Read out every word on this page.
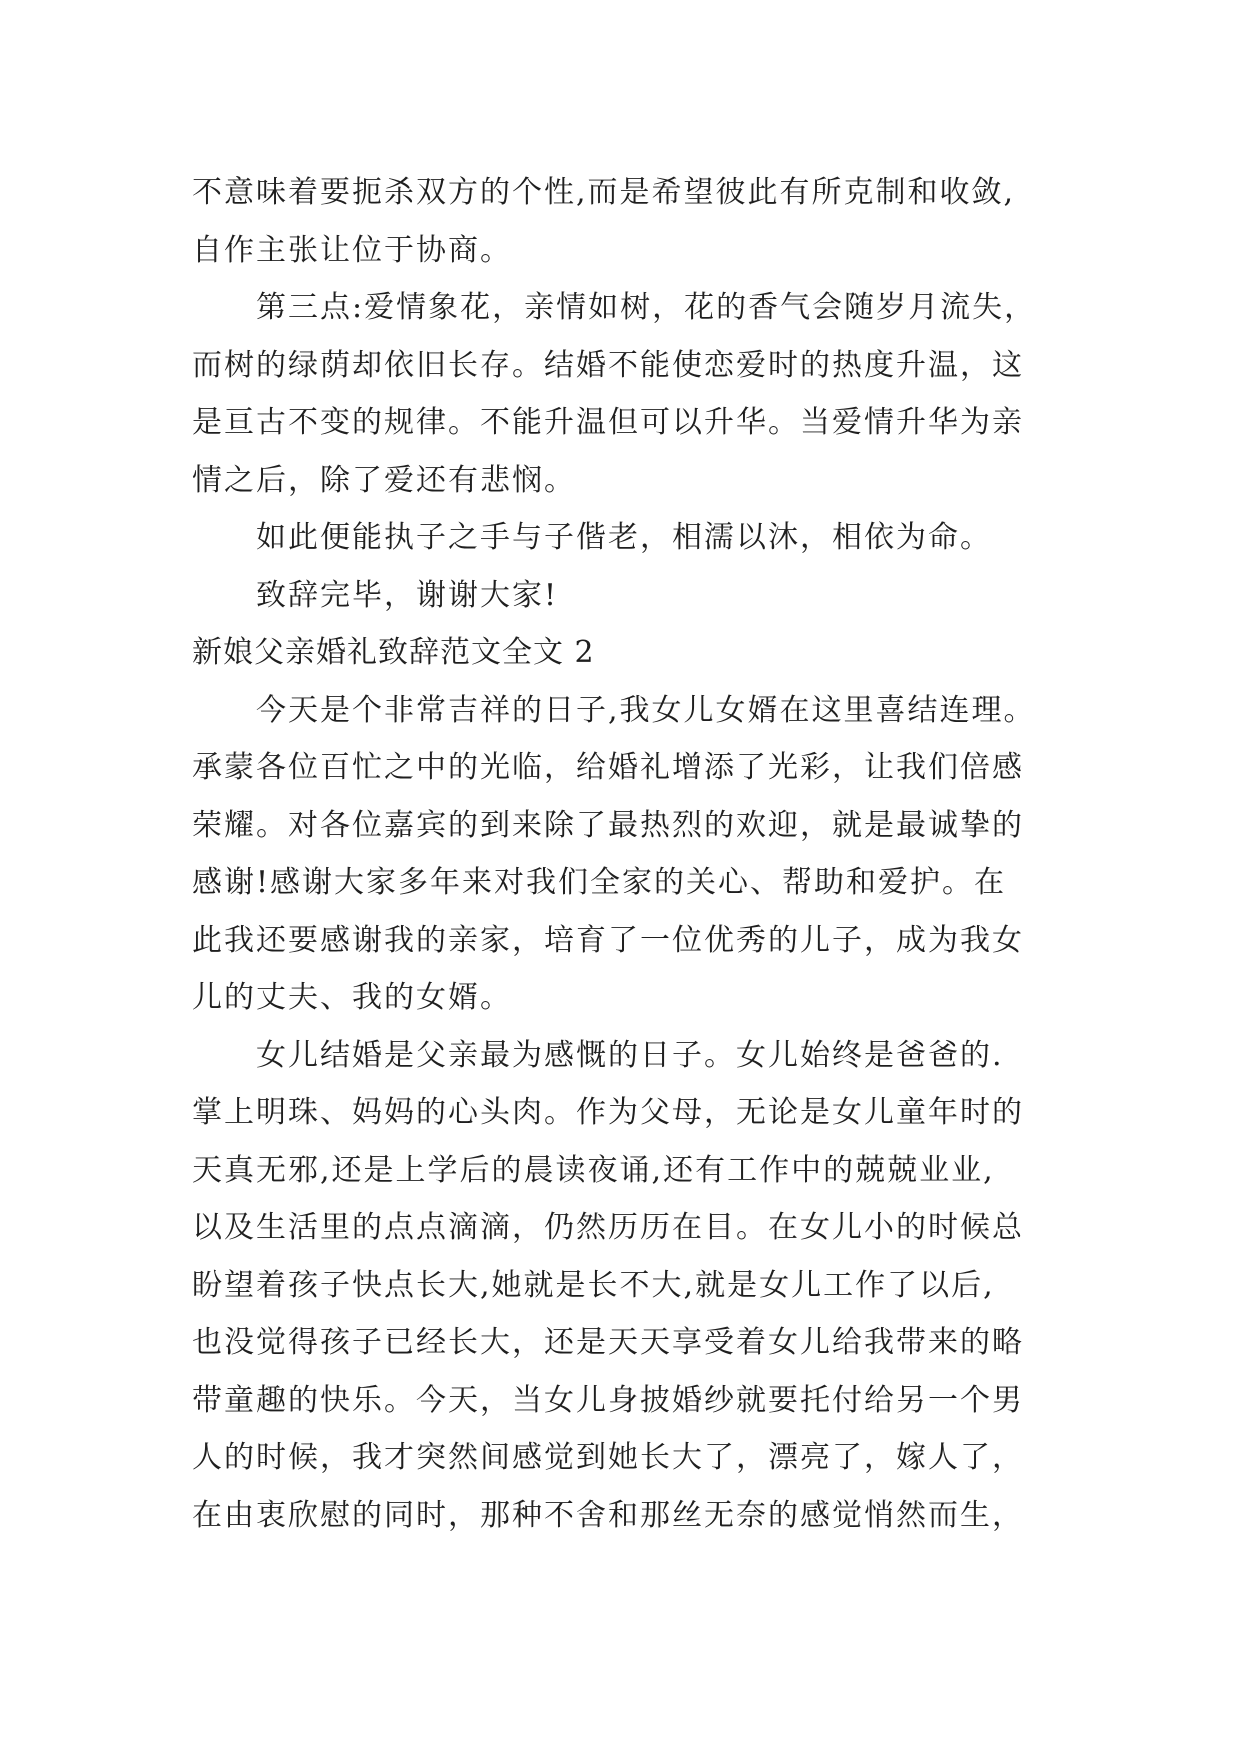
不意味着要扼杀双方的个性,而是希望彼此有所克制和收敛,
自作主张让位于协商。
第三点:爱情象花，亲情如树，花的香气会随岁月流失，
而树的绿荫却依旧长存。结婚不能使恋爱时的热度升温，这
是亘古不变的规律。不能升温但可以升华。当爱情升华为亲
情之后，除了爱还有悲悯。
如此便能执子之手与子偕老，相濡以沐，相依为命。
致辞完毕，谢谢大家!
新娘父亲婚礼致辞范文全文 2
今天是个非常吉祥的日子,我女儿女婿在这里喜结连理。
承蒙各位百忙之中的光临，给婚礼增添了光彩，让我们倍感
荣耀。对各位嘉宾的到来除了最热烈的欢迎，就是最诚挚的
感谢!感谢大家多年来对我们全家的关心、帮助和爱护。在
此我还要感谢我的亲家，培育了一位优秀的儿子，成为我女
儿的丈夫、我的女婿。
女儿结婚是父亲最为感慨的日子。女儿始终是爸爸的.
掌上明珠、妈妈的心头肉。作为父母，无论是女儿童年时的
天真无邪,还是上学后的晨读夜诵,还有工作中的兢兢业业,
以及生活里的点点滴滴，仍然历历在目。在女儿小的时候总
盼望着孩子快点长大,她就是长不大,就是女儿工作了以后,
也没觉得孩子已经长大，还是天天享受着女儿给我带来的略
带童趣的快乐。今天，当女儿身披婚纱就要托付给另一个男
人的时候，我才突然间感觉到她长大了，漂亮了，嫁人了，
在由衷欣慰的同时，那种不舍和那丝无奈的感觉悄然而生，
